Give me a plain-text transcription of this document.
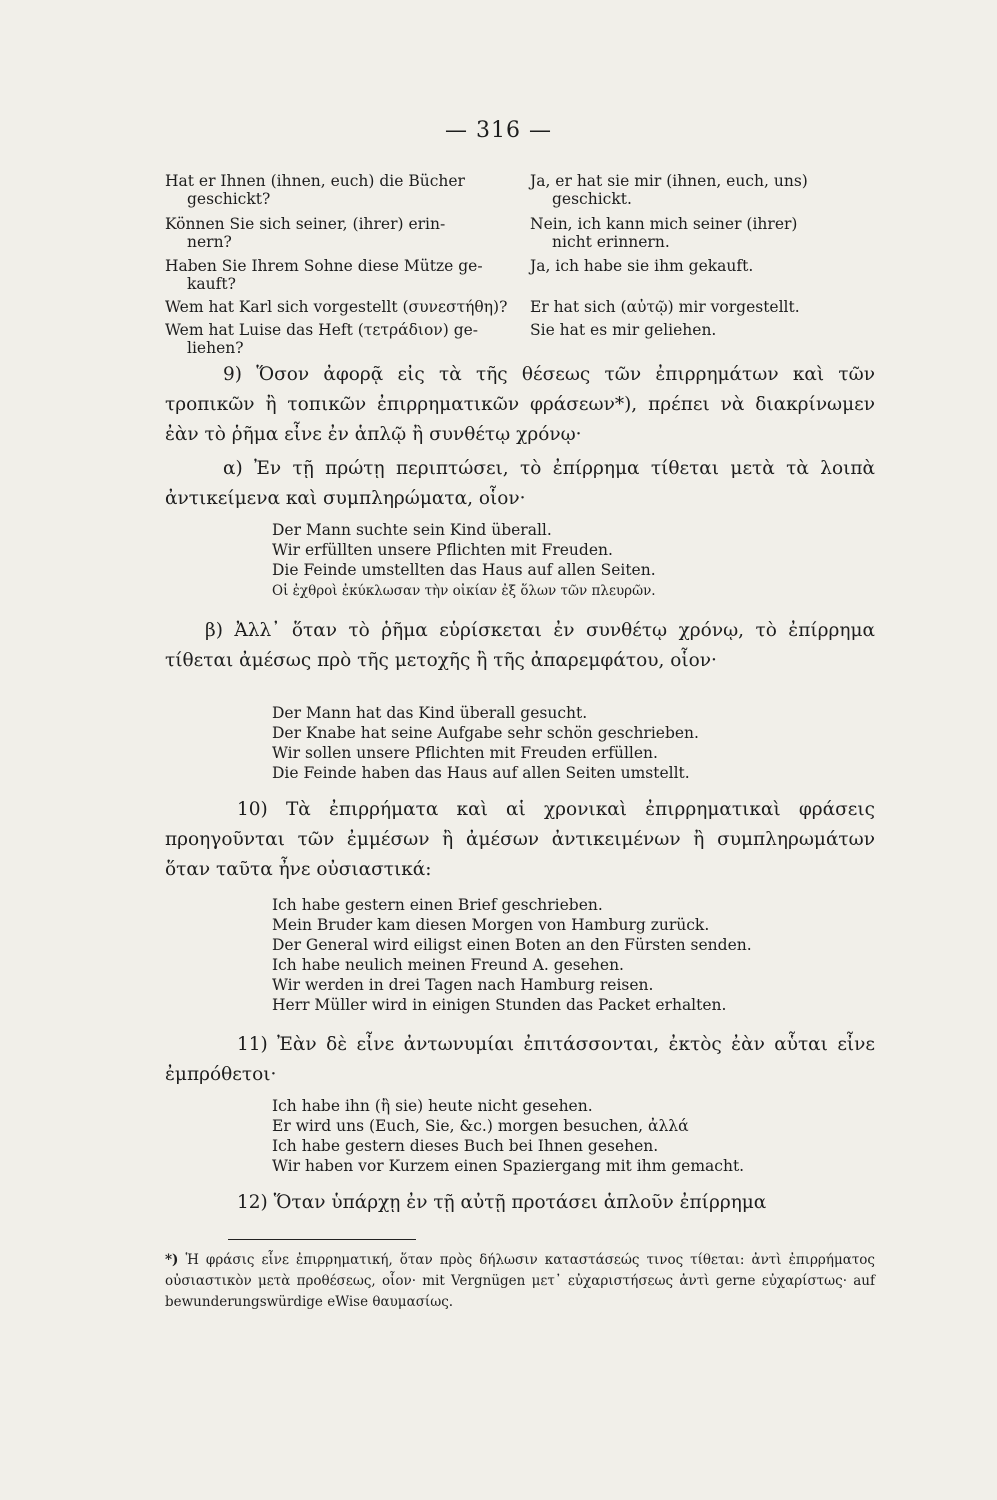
— 316 —
Hat er Ihnen (ihnen, euch) die Bücher
geschickt?
Ja, er hat sie mir (ihnen, euch, uns)
geschickt.
Können Sie sich seiner, (ihrer) erin-
nern?
Nein, ich kann mich seiner (ihrer)
nicht erinnern.
Haben Sie Ihrem Sohne diese Mütze ge-
kauft?
Ja, ich habe sie ihm gekauft.
Wem hat Karl sich vorgestellt (συνεστήθη)? Er hat sich (αὐτῷ) mir vorgestellt.
Wem hat Luise das Heft (τετράδιον) ge-
liehen?
Sie hat es mir geliehen.
9) Ὅσον ἀφορᾷ εἰς τὰ τῆς θέσεως τῶν ἐπιρρημάτων καὶ τῶν τροπικῶν ἢ τοπικῶν ἐπιρρηματικῶν φράσεων*), πρέπει νὰ διακρίνωμεν ἐὰν τὸ ῥῆμα εἶνε ἐν ἁπλῷ ἢ συνθέτῳ χρόνῳ·
α) Ἐν τῇ πρώτῃ περιπτώσει, τὸ ἐπίρρημα τίθεται μετὰ τὰ λοιπὰ ἀντικείμενα καὶ συμπληρώματα, οἷον·
Der Mann suchte sein Kind überall.
Wir erfüllten unsere Pflichten mit Freuden.
Die Feinde umstellten das Haus auf allen Seiten.
Οἱ ἐχθροὶ ἐκύκλωσαν τὴν οἰκίαν ἐξ ὅλων τῶν πλευρῶν.
β) Ἀλλ᾽ ὅταν τὸ ῥῆμα εὑρίσκεται ἐν συνθέτῳ χρόνῳ, τὸ ἐπίρρημα τίθεται ἀμέσως πρὸ τῆς μετοχῆς ἢ τῆς ἀπαρεμφάτου, οἷον·
Der Mann hat das Kind überall gesucht.
Der Knabe hat seine Aufgabe sehr schön geschrieben.
Wir sollen unsere Pflichten mit Freuden erfüllen.
Die Feinde haben das Haus auf allen Seiten umstellt.
10) Τὰ ἐπιρρήματα καὶ αἱ χρονικαὶ ἐπιρρηματικαὶ φράσεις προηγοῦνται τῶν ἐμμέσων ἢ ἀμέσων ἀντικειμένων ἢ συμπληρωμάτων ὅταν ταῦτα ἦνε οὐσιαστικά:
Ich habe gestern einen Brief geschrieben.
Mein Bruder kam diesen Morgen von Hamburg zurück.
Der General wird eiligst einen Boten an den Fürsten senden.
Ich habe neulich meinen Freund A. gesehen.
Wir werden in drei Tagen nach Hamburg reisen.
Herr Müller wird in einigen Stunden das Packet erhalten.
11) Ἐὰν δὲ εἶνε ἀντωνυμίαι ἐπιτάσσονται, ἐκτὸς ἐὰν αὗται εἶνε ἐμπρόθετοι·
Ich habe ihn (ἢ sie) heute nicht gesehen.
Er wird uns (Euch, Sie, &c.) morgen besuchen, ἀλλά
Ich habe gestern dieses Buch bei Ihnen gesehen.
Wir haben vor Kurzem einen Spaziergang mit ihm gemacht.
12) Ὅταν ὑπάρχῃ ἐν τῇ αὐτῇ προτάσει ἁπλοῦν ἐπίρρημα
*) Ἡ φράσις εἶνε ἐπιρρηματική, ὅταν πρὸς δήλωσιν καταστάσεώς τινος τίθεται: ἀντὶ ἐπιρρήματος οὐσιαστικὸν μετὰ προθέσεως, οἷον· mit Vergnügen μετ᾽ εὐχαριστήσεως ἀντὶ gerne εὐχαρίστως· auf bewunderungswürdige eWise θαυμασίως.
